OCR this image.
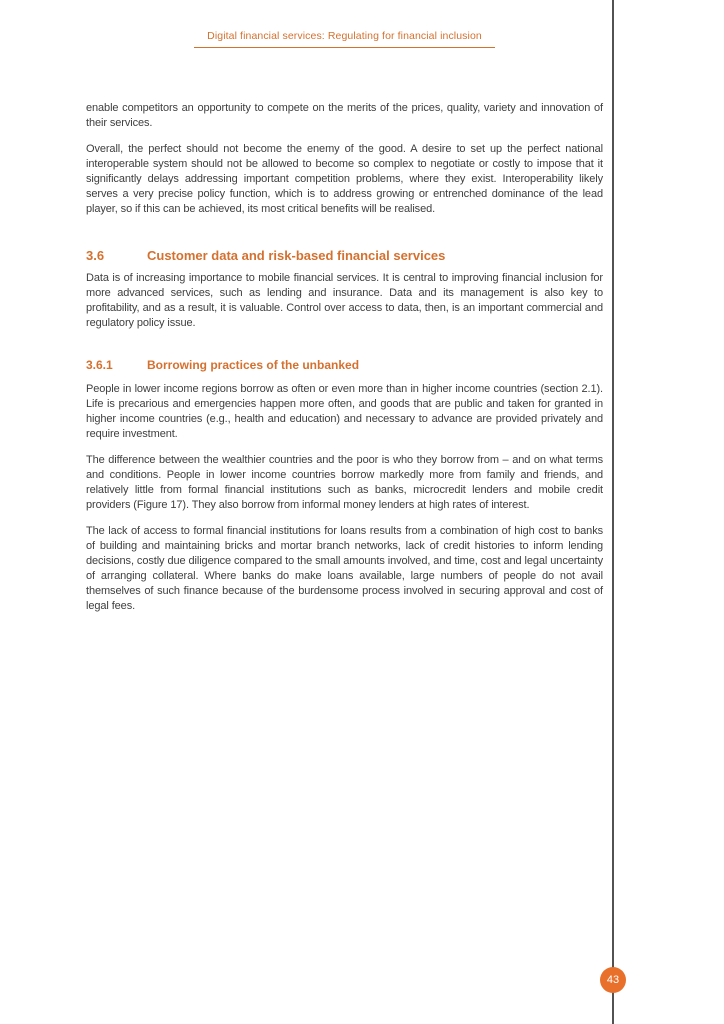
Digital financial services: Regulating for financial inclusion

enable competitors an opportunity to compete on the merits of the prices, quality, variety and innovation of their services.

Overall, the perfect should not become the enemy of the good. A desire to set up the perfect national interoperable system should not be allowed to become so complex to negotiate or costly to impose that it significantly delays addressing important competition problems, where they exist. Interoperability likely serves a very precise policy function, which is to address growing or entrenched dominance of the lead player, so if this can be achieved, its most critical benefits will be realised.

3.6	Customer data and risk-based financial services

Data is of increasing importance to mobile financial services. It is central to improving financial inclusion for more advanced services, such as lending and insurance. Data and its management is also key to profitability, and as a result, it is valuable. Control over access to data, then, is an important commercial and regulatory policy issue.

3.6.1	Borrowing practices of the unbanked

People in lower income regions borrow as often or even more than in higher income countries (section 2.1). Life is precarious and emergencies happen more often, and goods that are public and taken for granted in higher income countries (e.g., health and education) and necessary to advance are provided privately and require investment.

The difference between the wealthier countries and the poor is who they borrow from – and on what terms and conditions. People in lower income countries borrow markedly more from family and friends, and relatively little from formal financial institutions such as banks, microcredit lenders and mobile credit providers (Figure 17). They also borrow from informal money lenders at high rates of interest.

The lack of access to formal financial institutions for loans results from a combination of high cost to banks of building and maintaining bricks and mortar branch networks, lack of credit histories to inform lending decisions, costly due diligence compared to the small amounts involved, and time, cost and legal uncertainty of arranging collateral. Where banks do make loans available, large numbers of people do not avail themselves of such finance because of the burdensome process involved in securing approval and cost of legal fees.

43
